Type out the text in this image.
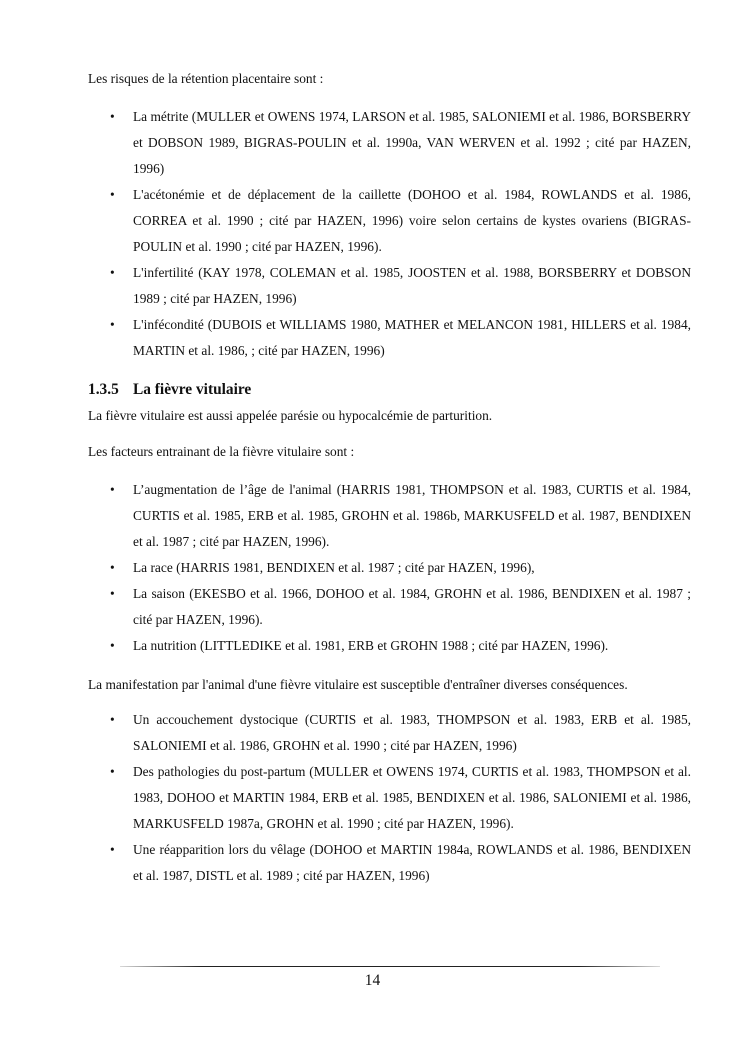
Les risques de la rétention placentaire sont :

• La métrite (MULLER et OWENS 1974, LARSON et al. 1985, SALONIEMI et al. 1986, BORSBERRY et DOBSON 1989, BIGRAS-POULIN et al. 1990a, VAN WERVEN et al. 1992 ; cité par HAZEN, 1996)
• L'acétonémie et de déplacement de la caillette (DOHOO et al. 1984, ROWLANDS et al. 1986, CORREA et al. 1990 ; cité par HAZEN, 1996) voire selon certains de kystes ovariens (BIGRAS-POULIN et al. 1990 ; cité par HAZEN, 1996).
• L'infertilité (KAY 1978, COLEMAN et al. 1985, JOOSTEN et al. 1988, BORSBERRY et DOBSON 1989 ; cité par HAZEN, 1996)
• L'infécondité (DUBOIS et WILLIAMS 1980, MATHER et MELANCON 1981, HILLERS et al. 1984, MARTIN et al. 1986, ; cité par HAZEN, 1996)
1.3.5 La fièvre vitulaire

La fièvre vitulaire est aussi appelée parésie ou hypocalcémie de parturition.

Les facteurs entrainant de la fièvre vitulaire sont :

• L’augmentation de l’âge de l'animal (HARRIS 1981, THOMPSON et al. 1983, CURTIS et al. 1984, CURTIS et al. 1985, ERB et al. 1985, GROHN et al. 1986b, MARKUSFELD et al. 1987, BENDIXEN et al. 1987 ; cité par HAZEN, 1996).
• La race (HARRIS 1981, BENDIXEN et al. 1987 ; cité par HAZEN, 1996),
• La saison (EKESBO et al. 1966, DOHOO et al. 1984, GROHN et al. 1986, BENDIXEN et al. 1987 ; cité par HAZEN, 1996).
• La nutrition (LITTLEDIKE et al. 1981, ERB et GROHN 1988 ; cité par HAZEN, 1996).

La manifestation par l'animal d'une fièvre vitulaire est susceptible d'entraîner diverses conséquences.

• Un accouchement dystocique (CURTIS et al. 1983, THOMPSON et al. 1983, ERB et al. 1985, SALONIEMI et al. 1986, GROHN et al. 1990 ; cité par HAZEN, 1996)
• Des pathologies du post-partum (MULLER et OWENS 1974, CURTIS et al. 1983, THOMPSON et al. 1983, DOHOO et MARTIN 1984, ERB et al. 1985, BENDIXEN et al. 1986, SALONIEMI et al. 1986, MARKUSFELD 1987a, GROHN et al. 1990 ; cité par HAZEN, 1996).
• Une réapparition lors du vêlage (DOHOO et MARTIN 1984a, ROWLANDS et al. 1986, BENDIXEN et al. 1987, DISTL et al. 1989 ; cité par HAZEN, 1996)
14
